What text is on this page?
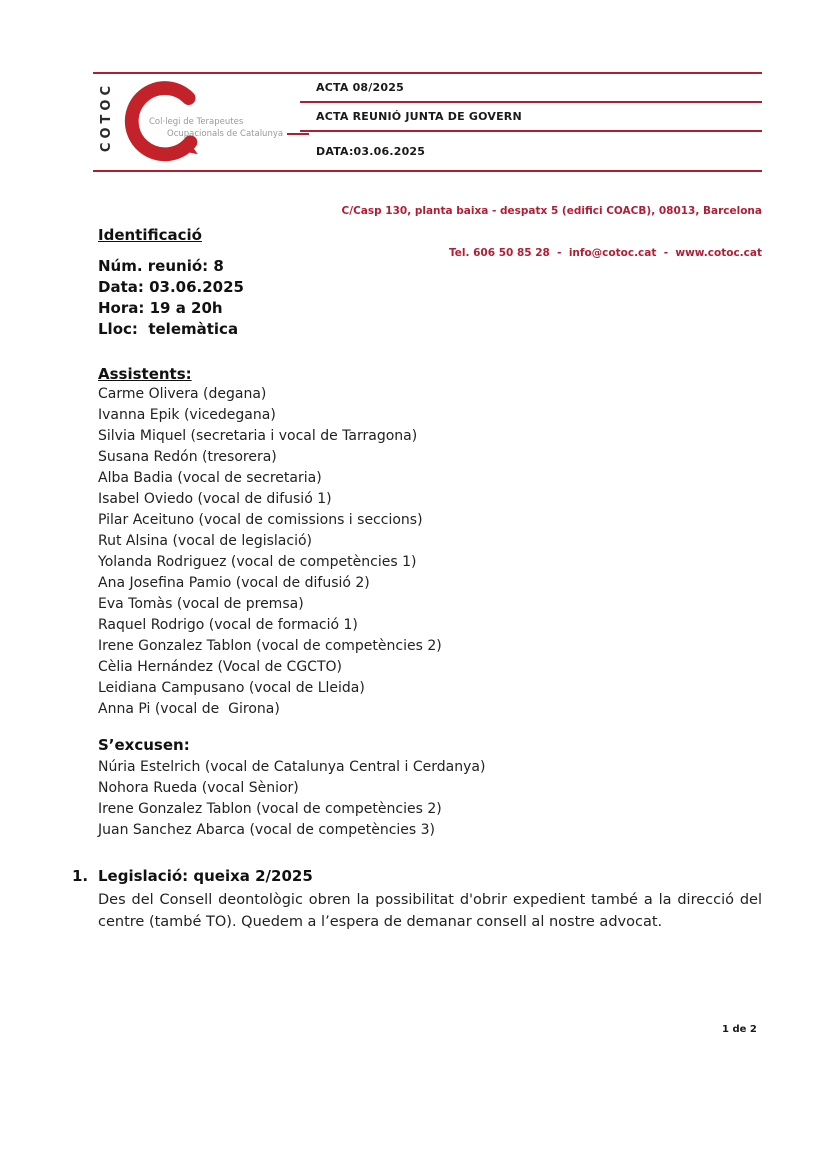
COTOC	Col·legi de Terapeutes
Ocupacionals de Catalunya
ACTA 08/2025
ACTA REUNIÓ JUNTA DE GOVERN
DATA:03.06.2025

C/Casp 130, planta baixa - despatx 5 (edifici COACB), 08013, Barcelona

Tel. 606 50 85 28  -  info@cotoc.cat  -  www.cotoc.cat

Identificació
Núm. reunió: 8
Data: 03.06.2025
Hora: 19 a 20h
Lloc:  telemàtica
Assistents:
Carme Olivera (degana)
Ivanna Epik (vicedegana)
Silvia Miquel (secretaria i vocal de Tarragona)
Susana Redón (tresorera)
Alba Badia (vocal de secretaria)
Isabel Oviedo (vocal de difusió 1)
Pilar Aceituno (vocal de comissions i seccions)
Rut Alsina (vocal de legislació)
Yolanda Rodriguez (vocal de competències 1)
Ana Josefina Pamio (vocal de difusió 2)
Eva Tomàs (vocal de premsa)
Raquel Rodrigo (vocal de formació 1)
Irene Gonzalez Tablon (vocal de competències 2)
Cèlia Hernández (Vocal de CGCTO)
Leidiana Campusano (vocal de Lleida)
Anna Pi (vocal de  Girona)
S’excusen:
Núria Estelrich (vocal de Catalunya Central i Cerdanya)
Nohora Rueda (vocal Sènior)
Irene Gonzalez Tablon (vocal de competències 2)
Juan Sanchez Abarca (vocal de competències 3)
1. Legislació: queixa 2/2025
Des del Consell deontològic obren la possibilitat d'obrir expedient també a la direcció del centre (també TO). Quedem a l’espera de demanar consell al nostre advocat.
1 de 2
